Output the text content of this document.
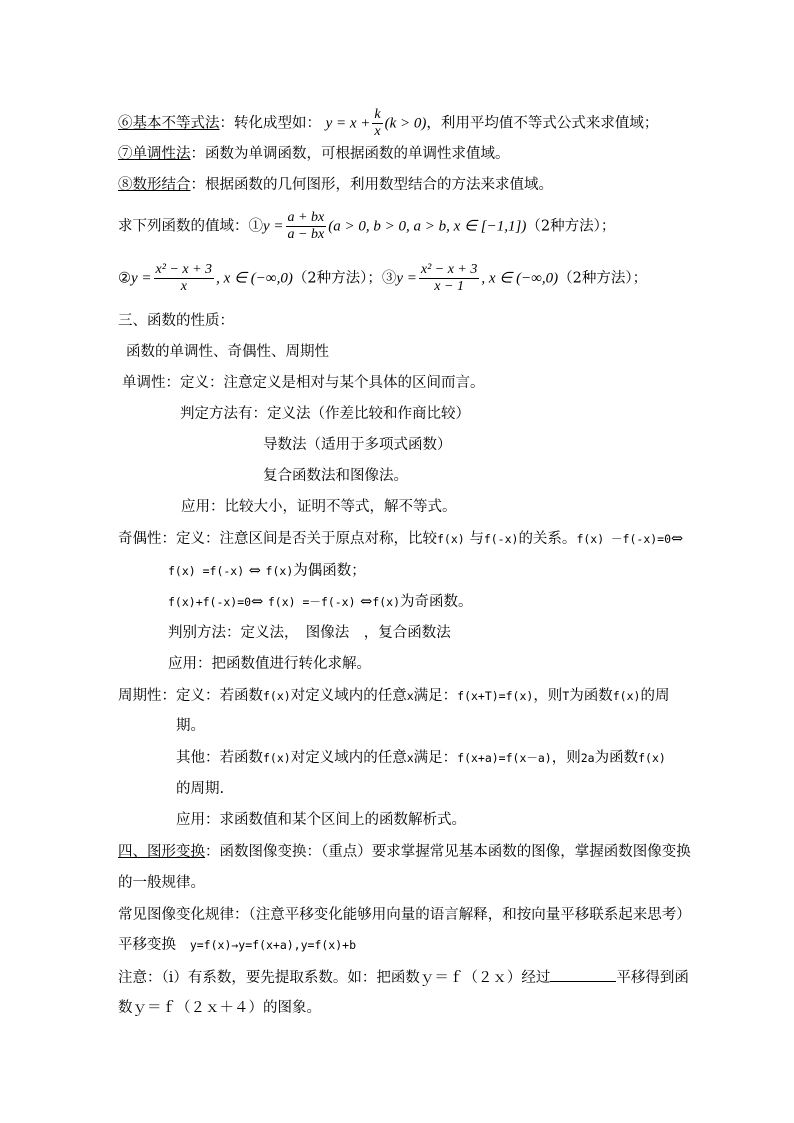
⑥基本不等式法：转化成型如： $y = x + \frac{k}{x} (k > 0)$，利用平均值不等式公式来求值域；
⑦单调性法：函数为单调函数，可根据函数的单调性求值域。
⑧数形结合：根据函数的几何图形，利用数型结合的方法来求值域。
求下列函数的值域：①y = $\frac{a + bx}{a - bx} (a > 0$, b > 0, a > b, x ∈ [−1,1])（2种方法）；
②y = $\frac{\text{x² − x + 3}}{x}$ , x ∈ (−∞,0)（2种方法）；③y = $\frac{\text{x² − x + 3}}{x - 1}$ , x ∈ (−∞,0)（2种方法）；
三、函数的性质：
函数的单调性、奇偶性、周期性
单调性：定义：注意定义是相对与某个具体的区间而言。
判定方法有：定义法（作差比较和作商比较）
导数法（适用于多项式函数）
复合函数法和图像法。
应用：比较大小，证明不等式，解不等式。
奇偶性：定义：注意区间是否关于原点对称，比较f(x) 与f(-x)的关系。f(x) －f(-x)=0⇔
f(x) =f(-x) ⇔ f(x)为偶函数；
f(x)+f(-x)=0⇔ f(x) =－f(-x) ⇔f(x)为奇函数。
判别方法：定义法，　图像法　，复合函数法
应用：把函数值进行转化求解。
周期性：定义：若函数f(x)对定义域内的任意x满足：f(x+T)=f(x)，则T为函数f(x)的周
期。
其他：若函数f(x)对定义域内的任意x满足：f(x+a)=f(x－a)，则2a为函数f(x)
的周期.
应用：求函数值和某个区间上的函数解析式。
四、图形变换：函数图像变换：（重点）要求掌握常见基本函数的图像，掌握函数图像变换
的一般规律。
常见图像变化规律：（注意平移变化能够用向量的语言解释，和按向量平移联系起来思考）
平移变换 y=f(x)→y=f(x+a),y=f(x)+b
注意：（ⅰ）有系数，要先提取系数。如：把函数ｙ＝ｆ（２ｘ）经过	平移得到函
数ｙ＝ｆ（２ｘ＋４）的图象。
